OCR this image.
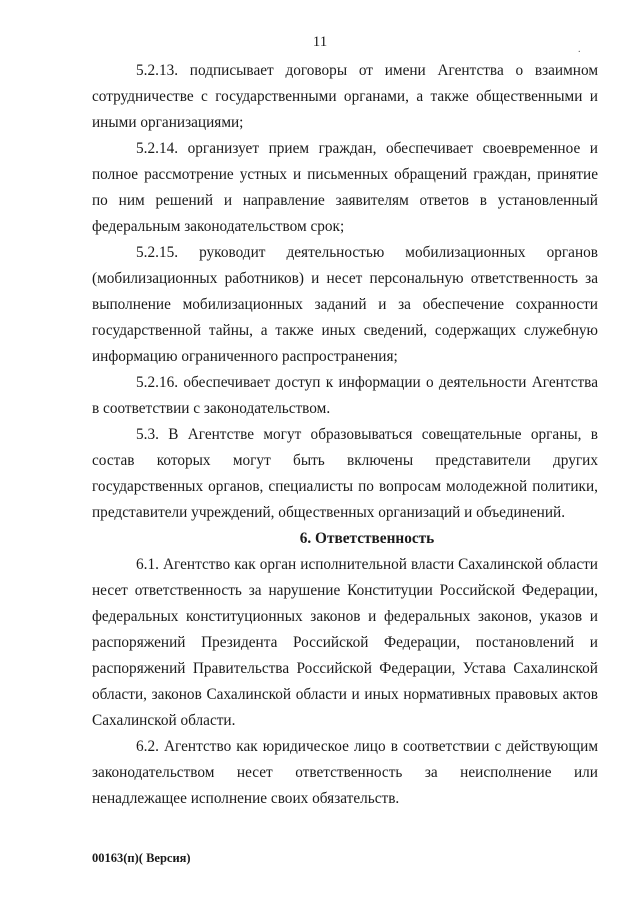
11	.

5.2.13. подписывает договоры от имени Агентства о взаимном сотрудничестве с государственными органами, а также общественными и иными организациями;

5.2.14. организует прием граждан, обеспечивает своевременное и полное рассмотрение устных и письменных обращений граждан, принятие по ним решений и направление заявителям ответов в установленный федеральным законодательством срок;

5.2.15. руководит деятельностью мобилизационных органов (мобилизационных работников) и несет персональную ответственность за выполнение мобилизационных заданий и за обеспечение сохранности государственной тайны, а также иных сведений, содержащих служебную информацию ограниченного распространения;

5.2.16. обеспечивает доступ к информации о деятельности Агентства в соответствии с законодательством.

5.3. В Агентстве могут образовываться совещательные органы, в состав которых могут быть включены представители других государственных органов, специалисты по вопросам молодежной политики, представители учреждений, общественных организаций и объединений.

6. Ответственность

6.1. Агентство как орган исполнительной власти Сахалинской области несет ответственность за нарушение Конституции Российской Федерации, федеральных конституционных законов и федеральных законов, указов и распоряжений Президента Российской Федерации, постановлений и распоряжений Правительства Российской Федерации, Устава Сахалинской области, законов Сахалинской области и иных нормативных правовых актов Сахалинской области.

6.2. Агентство как юридическое лицо в соответствии с действующим законодательством несет ответственность за неисполнение или ненадлежащее исполнение своих обязательств.

00163(п)( Версия)
